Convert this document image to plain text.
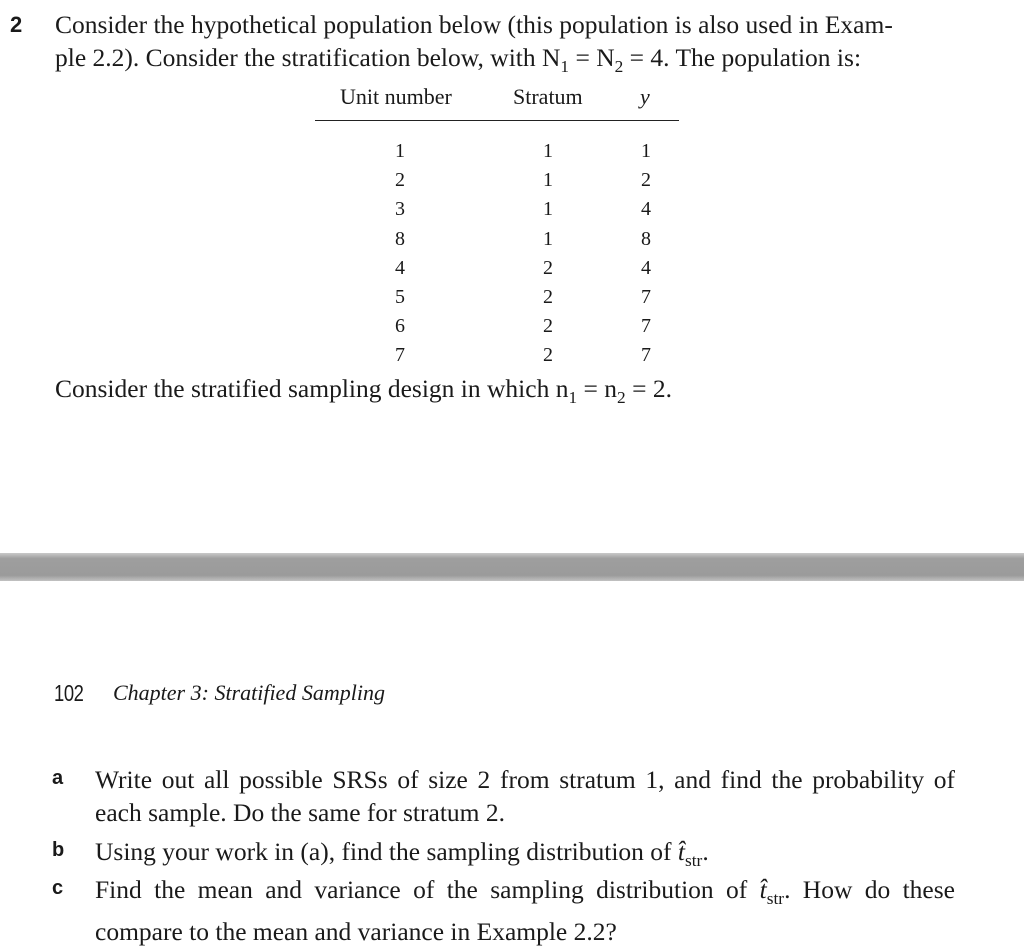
2 Consider the hypothetical population below (this population is also used in Exam-
ple 2.2). Consider the stratification below, with $N_1 = N_2 = 4$. The population is:

Unit number	Stratum	y
1	1	1
2	1	2
3	1	4
8	1	8
4	2	4
5	2	7
6	2	7
7	2	7

Consider the stratified sampling design in which $n_1 = n_2 = 2$.

102 Chapter 3: Stratified Sampling
a Write out all possible SRSs of size 2 from stratum 1, and find the probability of each sample. Do the same for stratum 2.

b Using your work in (a), find the sampling distribution of $t̂_{str}$.

c Find the mean and variance of the sampling distribution of $t̂_{str}$. How do these compare to the mean and variance in Example 2.2?
